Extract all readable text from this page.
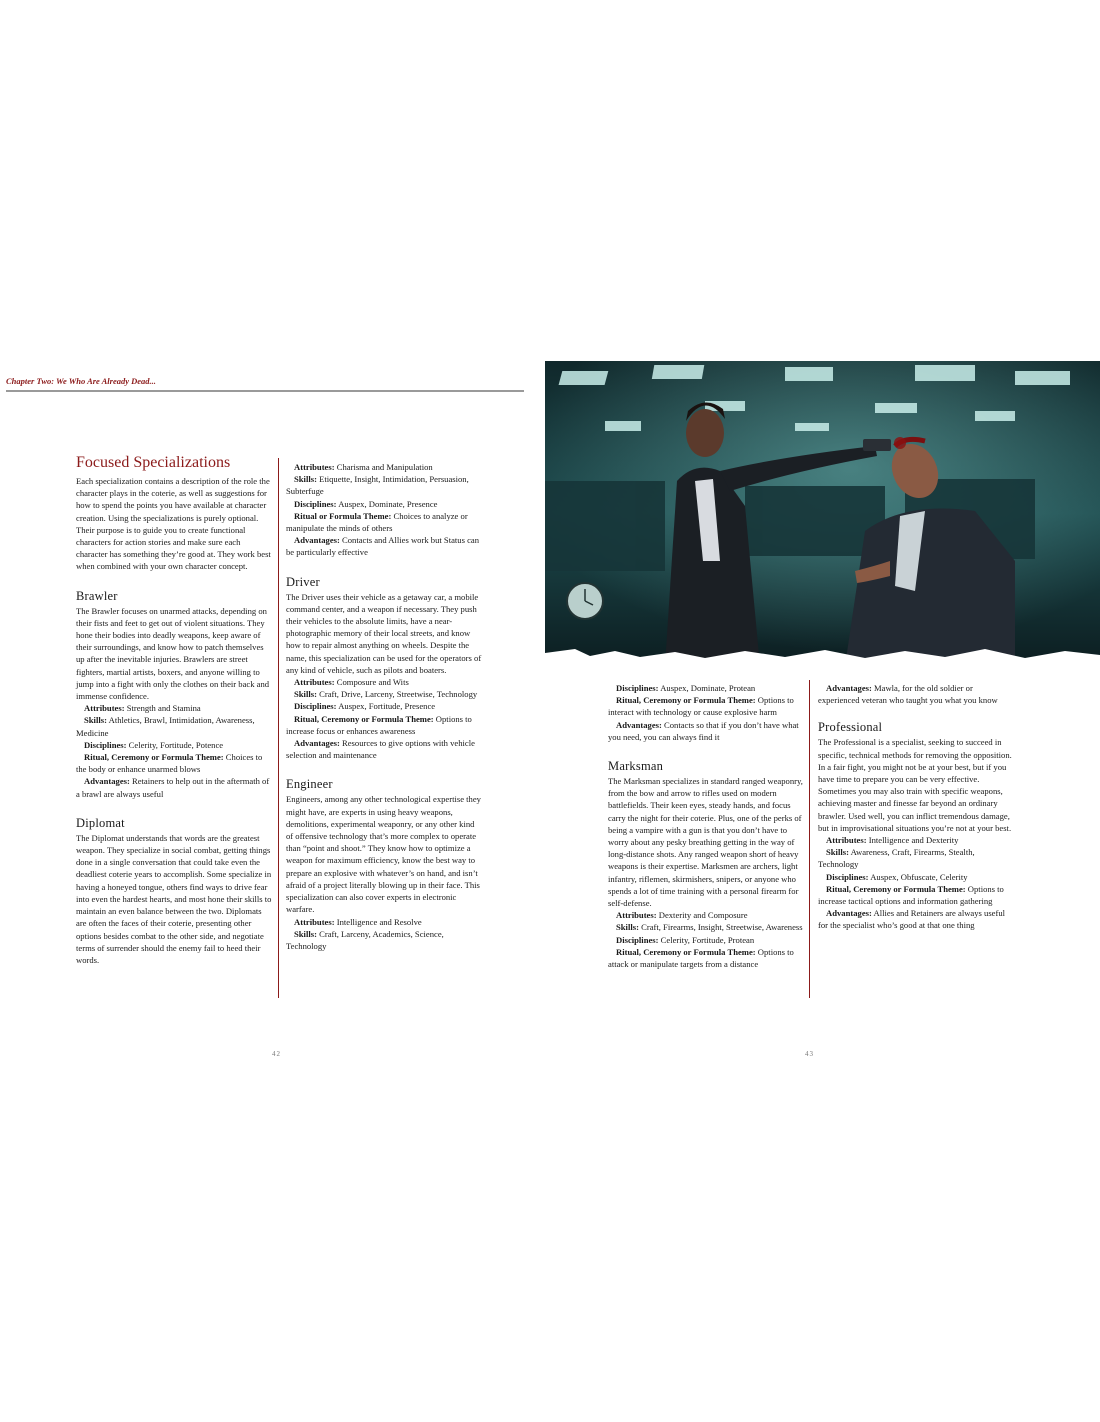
Chapter Two: We Who Are Already Dead...
Focused Specializations

Each specialization contains a description of the role the character plays in the coterie, as well as suggestions for how to spend the points you have available at character creation. Using the specializations is purely optional. Their purpose is to guide you to create functional characters for action stories and make sure each character has something they’re good at. They work best when combined with your own character concept.

Brawler

The Brawler focuses on unarmed attacks, depending on their fists and feet to get out of violent situations. They hone their bodies into deadly weapons, keep aware of their surroundings, and know how to patch themselves up after the inevitable injuries. Brawlers are street fighters, martial artists, boxers, and anyone willing to jump into a fight with only the clothes on their back and immense confidence.

Attributes: Strength and Stamina

Skills: Athletics, Brawl, Intimidation, Awareness, Medicine

Disciplines: Celerity, Fortitude, Potence

Ritual, Ceremony or Formula Theme: Choices to the body or enhance unarmed blows

Advantages: Retainers to help out in the aftermath of a brawl are always useful

Diplomat

The Diplomat understands that words are the greatest weapon. They specialize in social combat, getting things done in a single conversation that could take even the deadliest coterie years to accomplish. Some specialize in having a honeyed tongue, others find ways to drive fear into even the hardest hearts, and most hone their skills to maintain an even balance between the two. Diplomats are often the faces of their coterie, presenting other options besides combat to the other side, and negotiate terms of surrender should the enemy fail to heed their words.

Attributes: Charisma and Manipulation

Skills: Etiquette, Insight, Intimidation, Persuasion, Subterfuge

Disciplines: Auspex, Dominate, Presence

Ritual or Formula Theme: Choices to analyze or manipulate the minds of others

Advantages: Contacts and Allies work but Status can be particularly effective

Driver

The Driver uses their vehicle as a getaway car, a mobile command center, and a weapon if necessary. They push their vehicles to the absolute limits, have a near-photographic memory of their local streets, and know how to repair almost anything on wheels. Despite the name, this specialization can be used for the operators of any kind of vehicle, such as pilots and boaters.

Attributes: Composure and Wits

Skills: Craft, Drive, Larceny, Streetwise, Technology

Disciplines: Auspex, Fortitude, Presence

Ritual, Ceremony or Formula Theme: Options to increase focus or enhances awareness

Advantages: Resources to give options with vehicle selection and maintenance

Engineer

Engineers, among any other technological expertise they might have, are experts in using heavy weapons, demolitions, experimental weaponry, or any other kind of offensive technology that’s more complex to operate than “point and shoot.” They know how to optimize a weapon for maximum efficiency, know the best way to prepare an explosive with whatever’s on hand, and isn’t afraid of a project literally blowing up in their face. This specialization can also cover experts in electronic warfare.

Attributes: Intelligence and Resolve

Skills: Craft, Larceny, Academics, Science, Technology

42

Disciplines: Auspex, Dominate, Protean

Ritual, Ceremony or Formula Theme: Options to interact with technology or cause explosive harm

Advantages: Contacts so that if you don’t have what you need, you can always find it

Marksman

The Marksman specializes in standard ranged weaponry, from the bow and arrow to rifles used on modern battlefields. Their keen eyes, steady hands, and focus carry the night for their coterie. Plus, one of the perks of being a vampire with a gun is that you don’t have to worry about any pesky breathing getting in the way of long-distance shots. Any ranged weapon short of heavy weapons is their expertise. Marksmen are archers, light infantry, riflemen, skirmishers, snipers, or anyone who spends a lot of time training with a personal firearm for self-defense.

Attributes: Dexterity and Composure

Skills: Craft, Firearms, Insight, Streetwise, Awareness

Disciplines: Celerity, Fortitude, Protean

Ritual, Ceremony or Formula Theme: Options to attack or manipulate targets from a distance

Advantages: Mawla, for the old soldier or experienced veteran who taught you what you know

Professional

The Professional is a specialist, seeking to succeed in specific, technical methods for removing the opposition. In a fair fight, you might not be at your best, but if you have time to prepare you can be very effective. Sometimes you may also train with specific weapons, achieving master and finesse far beyond an ordinary brawler. Used well, you can inflict tremendous damage, but in improvisational situations you’re not at your best.

Attributes: Intelligence and Dexterity

Skills: Awareness, Craft, Firearms, Stealth, Technology

Disciplines: Auspex, Obfuscate, Celerity

Ritual, Ceremony or Formula Theme: Options to increase tactical options and information gathering

Advantages: Allies and Retainers are always useful for the specialist who’s good at that one thing

43
